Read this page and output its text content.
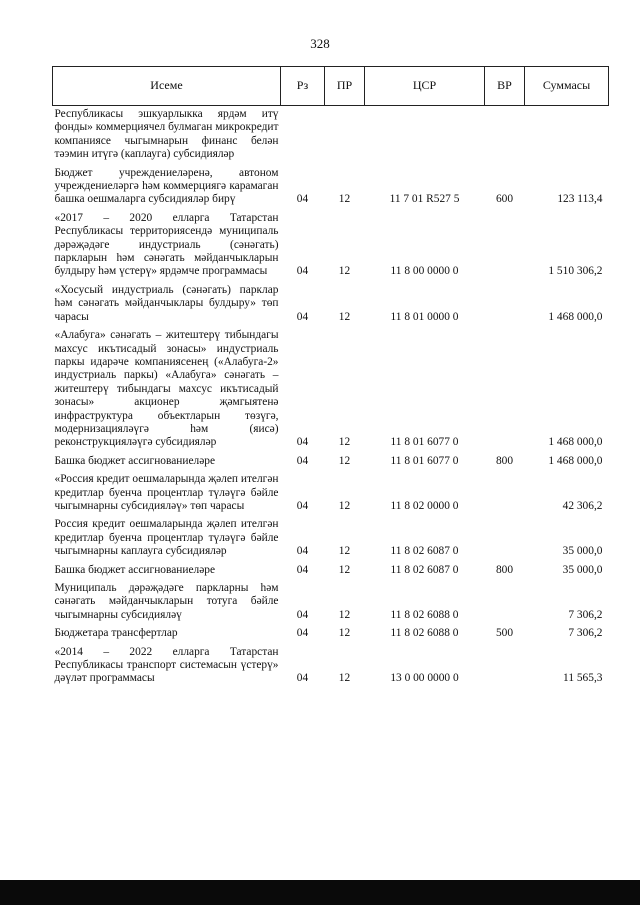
328
Исеме	Рз	ПР	ЦСР	ВР	Суммасы
Республикасы эшкуарлыкка ярдәм итү фонды» коммерциячел булмаган микрокредит компаниясе чыгымнарын финанс белән тәэмин итүгә (каплауга) субсидияләр					
Бюджет учреждениеләренә, автоном учреждениеләргә һәм коммерциягә карамаган башка оешмаларга субсидияләр бирү	04	12	11 7 01 R527 5	600	123 113,4
«2017 – 2020 елларга Татарстан Республикасы территориясендә муниципаль дәрәҗәдәге индустриаль (сәнәгать) паркларын һәм сәнәгать мәйданчыкларын булдыру һәм үстерү» ярдәмче программасы	04	12	11 8 00 0000 0		1 510 306,2
«Хосусый индустриаль (сәнәгать) парклар һәм сәнәгать мәйданчыклары булдыру» төп чарасы	04	12	11 8 01 0000 0		1 468 000,0
«Алабуга» сәнәгать – житештерү тибындагы махсус икътисадый зонасы» индустриаль паркы идарәче компаниясенең («Алабуга-2» индустриаль паркы) «Алабуга» сәнәгать – житештерү тибындагы махсус икътисадый зонасы» акционер җәмгыятенә инфраструктура объектларын төзүгә, модернизацияләүгә һәм (яисә) реконструкцияләүгә субсидияләр	04	12	11 8 01 6077 0		1 468 000,0
Башка бюджет ассигнованиеләре	04	12	11 8 01 6077 0	800	1 468 000,0
«Россия кредит оешмаларында җәлеп ителгән кредитлар буенча процентлар түләүгә бәйле чыгымнарны субсидияләү» төп чарасы	04	12	11 8 02 0000 0		42 306,2
Россия кредит оешмаларында җәлеп ителгән кредитлар буенча процентлар түләүгә бәйле чыгымнарны каплауга субсидияләр	04	12	11 8 02 6087 0		35 000,0
Башка бюджет ассигнованиеләре	04	12	11 8 02 6087 0	800	35 000,0
Муниципаль дәрәҗәдәге паркларны һәм сәнәгать мәйданчыкларын тотуга бәйле чыгымнарны субсидияләү	04	12	11 8 02 6088 0		7 306,2
Бюджетара трансфертлар	04	12	11 8 02 6088 0	500	7 306,2
«2014 – 2022 елларга Татарстан Республикасы транспорт системасын үстерү» дәүләт программасы	04	12	13 0 00 0000 0		11 565,3
